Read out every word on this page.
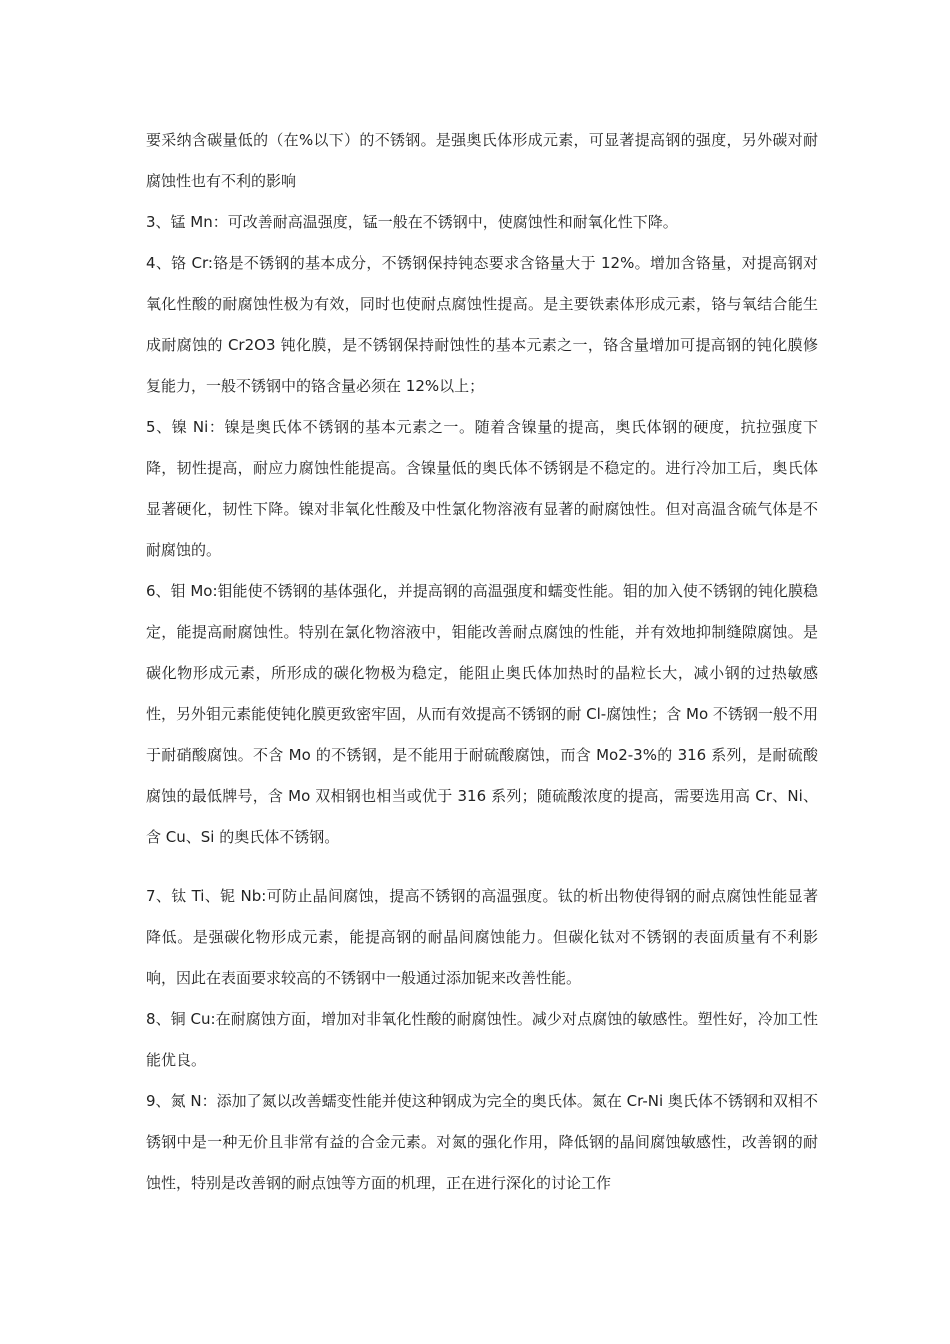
要采纳含碳量低的（在%以下）的不锈钢。是强奥氏体形成元素，可显著提高钢的强度，另外碳对耐腐蚀性也有不利的影响

3、锰 Mn：可改善耐高温强度，锰一般在不锈钢中，使腐蚀性和耐氧化性下降。

4、铬 Cr:铬是不锈钢的基本成分，不锈钢保持钝态要求含铬量大于 12%。增加含铬量，对提高钢对氧化性酸的耐腐蚀性极为有效，同时也使耐点腐蚀性提高。是主要铁素体形成元素，铬与氧结合能生成耐腐蚀的 Cr2O3 钝化膜，是不锈钢保持耐蚀性的基本元素之一，铬含量增加可提高钢的钝化膜修复能力，一般不锈钢中的铬含量必须在 12%以上；

5、镍 Ni：镍是奥氏体不锈钢的基本元素之一。随着含镍量的提高，奥氏体钢的硬度，抗拉强度下降，韧性提高，耐应力腐蚀性能提高。含镍量低的奥氏体不锈钢是不稳定的。进行冷加工后，奥氏体显著硬化，韧性下降。镍对非氧化性酸及中性氯化物溶液有显著的耐腐蚀性。但对高温含硫气体是不耐腐蚀的。

6、钼 Mo:钼能使不锈钢的基体强化，并提高钢的高温强度和蠕变性能。钼的加入使不锈钢的钝化膜稳定，能提高耐腐蚀性。特别在氯化物溶液中，钼能改善耐点腐蚀的性能，并有效地抑制缝隙腐蚀。是碳化物形成元素，所形成的碳化物极为稳定，能阻止奥氏体加热时的晶粒长大，减小钢的过热敏感性，另外钼元素能使钝化膜更致密牢固，从而有效提高不锈钢的耐 Cl-腐蚀性；含 Mo 不锈钢一般不用于耐硝酸腐蚀。不含 Mo 的不锈钢，是不能用于耐硫酸腐蚀，而含 Mo2-3%的 316 系列，是耐硫酸腐蚀的最低牌号，含 Mo 双相钢也相当或优于 316 系列；随硫酸浓度的提高，需要选用高 Cr、Ni、含 Cu、Si 的奥氏体不锈钢。

7、钛 Ti、铌 Nb:可防止晶间腐蚀，提高不锈钢的高温强度。钛的析出物使得钢的耐点腐蚀性能显著降低。是强碳化物形成元素，能提高钢的耐晶间腐蚀能力。但碳化钛对不锈钢的表面质量有不利影响，因此在表面要求较高的不锈钢中一般通过添加铌来改善性能。

8、铜 Cu:在耐腐蚀方面，增加对非氧化性酸的耐腐蚀性。减少对点腐蚀的敏感性。塑性好，冷加工性能优良。

9、氮 N：添加了氮以改善蠕变性能并使这种钢成为完全的奥氏体。氮在 Cr-Ni 奥氏体不锈钢和双相不锈钢中是一种无价且非常有益的合金元素。对氮的强化作用，降低钢的晶间腐蚀敏感性，改善钢的耐蚀性，特别是改善钢的耐点蚀等方面的机理，正在进行深化的讨论工作
